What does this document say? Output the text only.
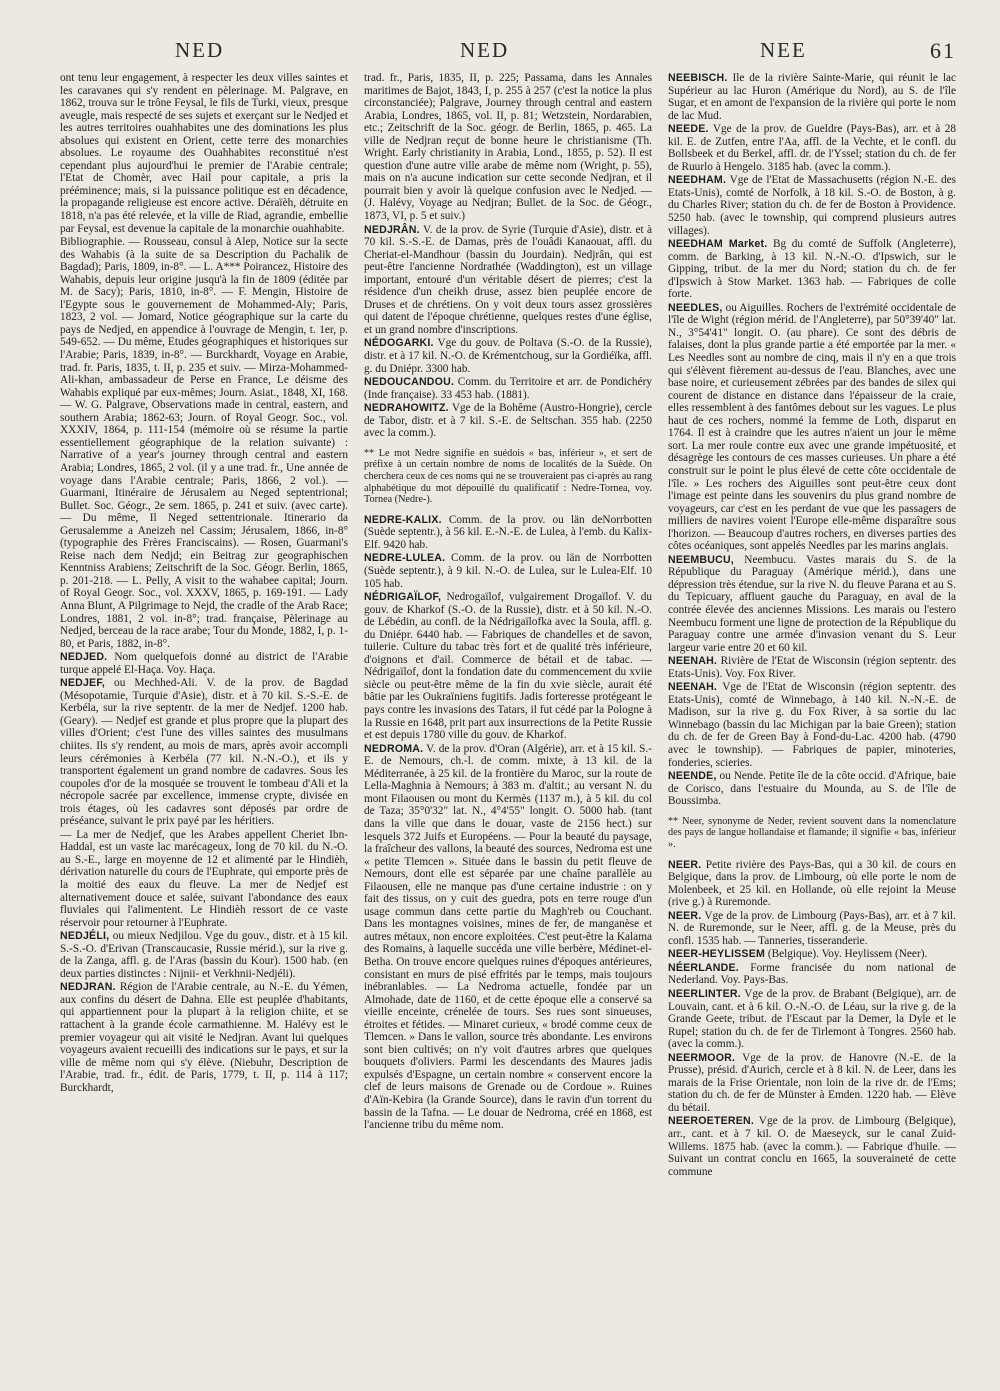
NED	NED	NEE	61

ont tenu leur engagement, à respecter les deux villes saintes et les caravanes qui s'y rendent en pèlerinage. M. Palgrave, en 1862, trouva sur le trône Feysal, le fils de Turki, vieux, presque aveugle, mais respecté de ses sujets et exerçant sur le Nedjed et les autres territoires ouahhabites une des dominations les plus absolues qui existent en Orient, cette terre des monarchies absolues. Le royaume des Ouahhabites reconstitué n'est cependant plus aujourd'hui le premier de l'Arabie centrale; l'Etat de Chomèr, avec Hail pour capitale, a pris la prééminence; mais, si la puissance politique est en décadence, la propagande religieuse est encore active. Déraïèh, détruite en 1818, n'a pas été relevée, et la ville de Riad, agrandie, embellie par Feysal, est devenue la capitale de la monarchie ouahhabite.

Bibliographie. — Rousseau, consul à Alep, Notice sur la secte des Wahabis (à la suite de sa Description du Pachalik de Bagdad); Paris, 1809, in-8°. — L. A*** Poirancez, Histoire des Wahabis, depuis leur origine jusqu'à la fin de 1809 (éditée par M. de Sacy); Paris, 1810, in-8°. — F. Mengin, Histoire de l'Egypte sous le gouvernement de Mohammed-Aly; Paris, 1823, 2 vol. — Jomard, Notice géographique sur la carte du pays de Nedjed, en appendice à l'ouvrage de Mengin, t. 1er, p. 549-652. — Du même, Etudes géographiques et historiques sur l'Arabie; Paris, 1839, in-8°. — Burckhardt, Voyage en Arabie, trad. fr. Paris, 1835, t. II, p. 235 et suiv. — Mirza-Mohammed-Ali-khan, ambassadeur de Perse en France, Le déisme des Wahabis expliqué par eux-mêmes; Journ. Asiat., 1848, XI, 168. — W. G. Palgrave, Observations made in central, eastern, and southern Arabia; 1862-63; Journ. of Royal Geogr. Soc., vol. XXXIV, 1864, p. 111-154 (mémoire où se résume la partie essentiellement géographique de la relation suivante) : Narrative of a year's journey through central and eastern Arabia; Londres, 1865, 2 vol. (il y a une trad. fr., Une année de voyage dans l'Arabie centrale; Paris, 1866, 2 vol.). — Guarmani, Itinéraire de Jérusalem au Neged septentrional; Bullet. Soc. Géogr., 2e sem. 1865, p. 241 et suiv. (avec carte). — Du même, Il Neged settentrionale. Itinerario da Gerusalemme a Aneizeh nel Cassim; Jérusalem, 1866, in-8° (typographie des Frères Franciscains). — Rosen, Guarmani's Reise nach dem Nedjd; ein Beitrag zur geographischen Kenntniss Arabiens; Zeitschrift de la Soc. Géogr. Berlin, 1865, p. 201-218. — L. Pelly, A visit to the wahabee capital; Journ. of Royal Geogr. Soc., vol. XXXV, 1865, p. 169-191. — Lady Anna Blunt, A Pilgrimage to Nejd, the cradle of the Arab Race; Londres, 1881, 2 vol. in-8°; trad. française, Pèlerinage au Nedjed, berceau de la race arabe; Tour du Monde, 1882, I, p. 1-80, et Paris, 1882, in-8°.

NEDJED. Nom quelquefois donné au district de l'Arabie turque appelé El-Haça. Voy. Haça.

NEDJEF, ou Mechhed-Ali. V. de la prov. de Bagdad (Mésopotamie, Turquie d'Asie), distr. et à 70 kil. S.-S.-E. de Kerbéla, sur la rive septentr. de la mer de Nedjef. 1200 hab. (Geary). — Nedjef est grande et plus propre que la plupart des villes d'Orient; c'est l'une des villes saintes des musulmans chiites. Ils s'y rendent, au mois de mars, après avoir accompli leurs cérémonies à Kerbéla (77 kil. N.-N.-O.), et ils y transportent également un grand nombre de cadavres. Sous les coupoles d'or de la mosquée se trouvent le tombeau d'Ali et la nécropole sacrée par excellence, immense crypte, divisée en trois étages, où les cadavres sont déposés par ordre de préséance, suivant le prix payé par les héritiers.

— La mer de Nedjef, que les Arabes appellent Cheriet Ibn-Haddal, est un vaste lac marécageux, long de 70 kil. du N.-O. au S.-E., large en moyenne de 12 et alimenté par le Hindièh, dérivation naturelle du cours de l'Euphrate, qui emporte près de la moitié des eaux du fleuve. La mer de Nedjef est alternativement douce et salée, suivant l'abondance des eaux fluviales qui l'alimentent. Le Hindièh ressort de ce vaste réservoir pour retourner à l'Euphrate.

NEDJÉLI, ou mieux Nedjilou. Vge du gouv., distr. et à 15 kil. S.-S.-O. d'Erivan (Transcaucasie, Russie mérid.), sur la rive g. de la Zanga, affl. g. de l'Aras (bassin du Kour). 1500 hab. (en deux parties distinctes : Nijnii- et Verkhnii-Nedjéli).

NEDJRAN. Région de l'Arabie centrale, au N.-E. du Yémen, aux confins du désert de Dahna. Elle est peuplée d'habitants, qui appartiennent pour la plupart à la religion chiite, et se rattachent à la grande école carmathienne. M. Halévy est le premier voyageur qui ait visité le Nedjran. Avant lui quelques voyageurs avaient recueilli des indications sur le pays, et sur la ville de même nom qui s'y élève. (Niebuhr, Description de l'Arabie, trad. fr., édit. de Paris, 1779, t. II, p. 114 à 117; Burckhardt,

trad. fr., Paris, 1835, II, p. 225; Passama, dans les Annales maritimes de Bajot, 1843, I, p. 255 à 257 (c'est la notice la plus circonstanciée); Palgrave, Journey through central and eastern Arabia, Londres, 1865, vol. II, p. 81; Wetzstein, Nordarabien, etc.; Zeitschrift de la Soc. géogr. de Berlin, 1865, p. 465. La ville de Nedjran reçut de bonne heure le christianisme (Th. Wright. Early christianity in Arabia, Lond., 1855, p. 52). Il est question d'une autre ville arabe de même nom (Wright, p. 55), mais on n'a aucune indication sur cette seconde Nedjran, et il pourrait bien y avoir là quelque confusion avec le Nedjed. — (J. Halévy, Voyage au Nedjran; Bullet. de la Soc. de Géogr., 1873, VI, p. 5 et suiv.)

NEDJRÂN. V. de la prov. de Syrie (Turquie d'Asie), distr. et à 70 kil. S.-S.-E. de Damas, près de l'ouâdi Kanaouat, affl. du Cheriat-el-Mandhour (bassin du Jourdain). Nedjrân, qui est peut-être l'ancienne Nordrathée (Waddington), est un village important, entouré d'un véritable désert de pierres; c'est la résidence d'un cheikh druse, assez bien peuplée encore de Druses et de chrétiens. On y voit deux tours assez grossières qui datent de l'époque chrétienne, quelques restes d'une église, et un grand nombre d'inscriptions.

NÉDOGARKI. Vge du gouv. de Poltava (S.-O. de la Russie), distr. et à 17 kil. N.-O. de Krémentchoug, sur la Gordiéïka, affl. g. du Dniépr. 3300 hab.

NEDOUCANDOU. Comm. du Territoire et arr. de Pondichéry (Inde française). 33 453 hab. (1881).

NEDRAHOWITZ. Vge de la Bohême (Austro-Hongrie), cercle de Tabor, distr. et à 7 kil. S.-E. de Seltschan. 355 hab. (2250 avec la comm.).

** Le mot Nedre signifie en suédois « bas, inférieur », et sert de préfixe à un certain nombre de noms de localités de la Suède. On cherchera ceux de ces noms qui ne se trouveraient pas ci-après au rang alphabétique du mot dépouillé du qualificatif : Nedre-Tornea, voy. Tornea (Nedre-).

NEDRE-KALIX. Comm. de la prov. ou län deNorrbotten (Suède septentr.), à 56 kil. E.-N.-E. de Lulea, à l'emb. du Kalix-Elf. 9420 hab.

NEDRE-LULEA. Comm. de la prov. ou län de Norrbotten (Suède septentr.), à 9 kil. N.-O. de Lulea, sur le Lulea-Elf. 10 105 hab.

NÉDRIGAÏLOF, Nedrogaïlof, vulgairement Drogaïlof. V. du gouv. de Kharkof (S.-O. de la Russie), distr. et à 50 kil. N.-O. de Lébédin, au confl. de la Nédrigaïlofka avec la Soula, affl. g. du Dniépr. 6440 hab. — Fabriques de chandelles et de savon, tuilerie. Culture du tabac très fort et de qualité très inférieure, d'oignons et d'ail. Commerce de bétail et de tabac. — Nédrigaïlof, dont la fondation date du commencement du xviie siècle ou peut-être même de la fin du xvie siècle, aurait été bâtie par les Oukraïniens fugitifs. Jadis forteresse protégeant le pays contre les invasions des Tatars, il fut cédé par la Pologne à la Russie en 1648, prit part aux insurrections de la Petite Russie et est depuis 1780 ville du gouv. de Kharkof.

NEDROMA. V. de la prov. d'Oran (Algérie), arr. et à 15 kil. S.-E. de Nemours, ch.-l. de comm. mixte, à 13 kil. de la Méditerranée, à 25 kil. de la frontière du Maroc, sur la route de Lella-Maghnia à Nemours; à 383 m. d'altit.; au versant N. du mont Filaousen ou mont du Kermès (1137 m.), à 5 kil. du col de Taza; 35°0'32" lat. N., 4°4'55" longit. O. 5000 hab. (tant dans la ville que dans le douar, vaste de 2156 hect.) sur lesquels 372 Juifs et Européens. — Pour la beauté du paysage, la fraîcheur des vallons, la beauté des sources, Nedroma est une « petite Tlemcen ». Située dans le bassin du petit fleuve de Nemours, dont elle est séparée par une chaîne parallèle au Filaousen, elle ne manque pas d'une certaine industrie : on y fait des tissus, on y cuit des guedra, pots en terre rouge d'un usage commun dans cette partie du Magh'reb ou Couchant. Dans les montagnes voisines, mines de fer, de manganèse et autres métaux, non encore exploitées. C'est peut-être la Kalama des Romains, à laquelle succéda une ville berbère, Médinet-el-Betha. On trouve encore quelques ruines d'époques antérieures, consistant en murs de pisé effrités par le temps, mais toujours inébranlables. — La Nedroma actuelle, fondée par un Almohade, date de 1160, et de cette époque elle a conservé sa vieille enceinte, crénelée de tours. Ses rues sont sinueuses, étroites et fétides. — Minaret curieux, « brodé comme ceux de Tlemcen. » Dans le vallon, source très abondante. Les environs sont bien cultivés; on n'y voit d'autres arbres que quelques bouquets d'oliviers. Parmi les descendants des Maures jadis expulsés d'Espagne, un certain nombre « conservent encore la clef de leurs maisons de Grenade ou de Cordoue ». Ruines d'Aïn-Kebira (la Grande Source), dans le ravin d'un torrent du bassin de la Tafna. — Le douar de Nedroma, créé en 1868, est l'ancienne tribu du même nom.

NEEBISCH. Ile de la rivière Sainte-Marie, qui réunit le lac Supérieur au lac Huron (Amérique du Nord), au S. de l'île Sugar, et en amont de l'expansion de la rivière qui porte le nom de lac Mud.

NEEDE. Vge de la prov. de Gueldre (Pays-Bas), arr. et à 28 kil. E. de Zutfen, entre l'Aa, affl. de la Vechte, et le confl. du Bollsbeek et du Berkel, affl. dr. de l'Yssel; station du ch. de fer de Ruurlo à Hengelo. 3185 hab. (avec la comm.).

NEEDHAM. Vge de l'Etat de Massachusetts (région N.-E. des Etats-Unis), comté de Norfolk, à 18 kil. S.-O. de Boston, à g. du Charles River; station du ch. de fer de Boston à Providence. 5250 hab. (avec le township, qui comprend plusieurs autres villages).

NEEDHAM Market. Bg du comté de Suffolk (Angleterre), comm. de Barking, à 13 kil. N.-N.-O. d'Ipswich, sur le Gipping, tribut. de la mer du Nord; station du ch. de fer d'Ipswich à Stow Market. 1363 hab. — Fabriques de colle forte.

NEEDLES, ou Aiguilles. Rochers de l'extrémité occidentale de l'île de Wight (région mérid. de l'Angleterre), par 50°39'40" lat. N., 3°54'41" longit. O. (au phare). Ce sont des débris de falaises, dont la plus grande partie a été emportée par la mer. « Les Needles sont au nombre de cinq, mais il n'y en a que trois qui s'élèvent fièrement au-dessus de l'eau. Blanches, avec une base noire, et curieusement zébrées par des bandes de silex qui courent de distance en distance dans l'épaisseur de la craie, elles ressemblent à des fantômes debout sur les vagues. Le plus haut de ces rochers, nommé la femme de Loth, disparut en 1764. Il est à craindre que les autres n'aient un jour le même sort. La mer roule contre eux avec une grande impétuosité, et désagrège les contours de ces masses curieuses. Un phare a été construit sur le point le plus élevé de cette côte occidentale de l'île. » Les rochers des Aiguilles sont peut-être ceux dont l'image est peinte dans les souvenirs du plus grand nombre de voyageurs, car c'est en les perdant de vue que les passagers de milliers de navires voient l'Europe elle-même disparaître sous l'horizon. — Beaucoup d'autres rochers, en diverses parties des côtes océaniques, sont appelés Needles par les marins anglais.

NEEMBUCU, Neembucu. Vastes marais du S. de la République du Paraguay (Amérique mérid.), dans une dépression très étendue, sur la rive N. du fleuve Parana et au S. du Tepicuary, affluent gauche du Paraguay, en aval de la contrée élevée des anciennes Missions. Les marais ou l'estero Neembucu forment une ligne de protection de la République du Paraguay contre une armée d'invasion venant du S. Leur largeur varie entre 20 et 60 kil.

NEENAH. Rivière de l'Etat de Wisconsin (région septentr. des Etats-Unis). Voy. Fox River.

NEENAH. Vge de l'Etat de Wisconsin (région septentr. des Etats-Unis), comté de Winnebago, à 140 kil. N.-N.-E. de Madison, sur la rive g. du Fox River, à sa sortie du lac Winnebago (bassin du lac Michigan par la baie Green); station du ch. de fer de Green Bay à Fond-du-Lac. 4200 hab. (4790 avec le township). — Fabriques de papier, minoteries, fonderies, scieries.

NEENDE, ou Nende. Petite île de la côte occid. d'Afrique, baie de Corisco, dans l'estuaire du Mounda, au S. de l'île de Boussimba.

** Neer, synonyme de Neder, revient souvent dans la nomenclature des pays de langue hollandaise et flamande; il signifie « bas, inférieur ».

NEER. Petite rivière des Pays-Bas, qui a 30 kil. de cours en Belgique, dans la prov. de Limbourg, où elle porte le nom de Molenbeek, et 25 kil. en Hollande, où elle rejoint la Meuse (rive g.) à Ruremonde.

NEER. Vge de la prov. de Limbourg (Pays-Bas), arr. et à 7 kil. N. de Ruremonde, sur le Neer, affl. g. de la Meuse, près du confl. 1535 hab. — Tanneries, tisseranderie.

NEER-HEYLISSEM (Belgique). Voy. Heylissem (Neer).

NÉERLANDE. Forme francisée du nom national de Nederland. Voy. Pays-Bas.

NEERLINTER. Vge de la prov. de Brabant (Belgique), arr. de Louvain, cant. et à 6 kil. O.-N.-O. de Léau, sur la rive g. de la Grande Geete, tribut. de l'Escaut par la Demer, la Dyle et le Rupel; station du ch. de fer de Tirlemont à Tongres. 2560 hab. (avec la comm.).

NEERMOOR. Vge de la prov. de Hanovre (N.-E. de la Prusse), présid. d'Aurich, cercle et à 8 kil. N. de Leer, dans les marais de la Frise Orientale, non loin de la rive dr. de l'Ems; station du ch. de fer de Münster à Emden. 1220 hab. — Elève du bétail.

NEEROETEREN. Vge de la prov. de Limbourg (Belgique), arr., cant. et à 7 kil. O. de Maeseyck, sur le canal Zuid-Willems. 1875 hab. (avec la comm.). — Fabrique d'huile. — Suivant un contrat conclu en 1665, la souveraineté de cette commune
